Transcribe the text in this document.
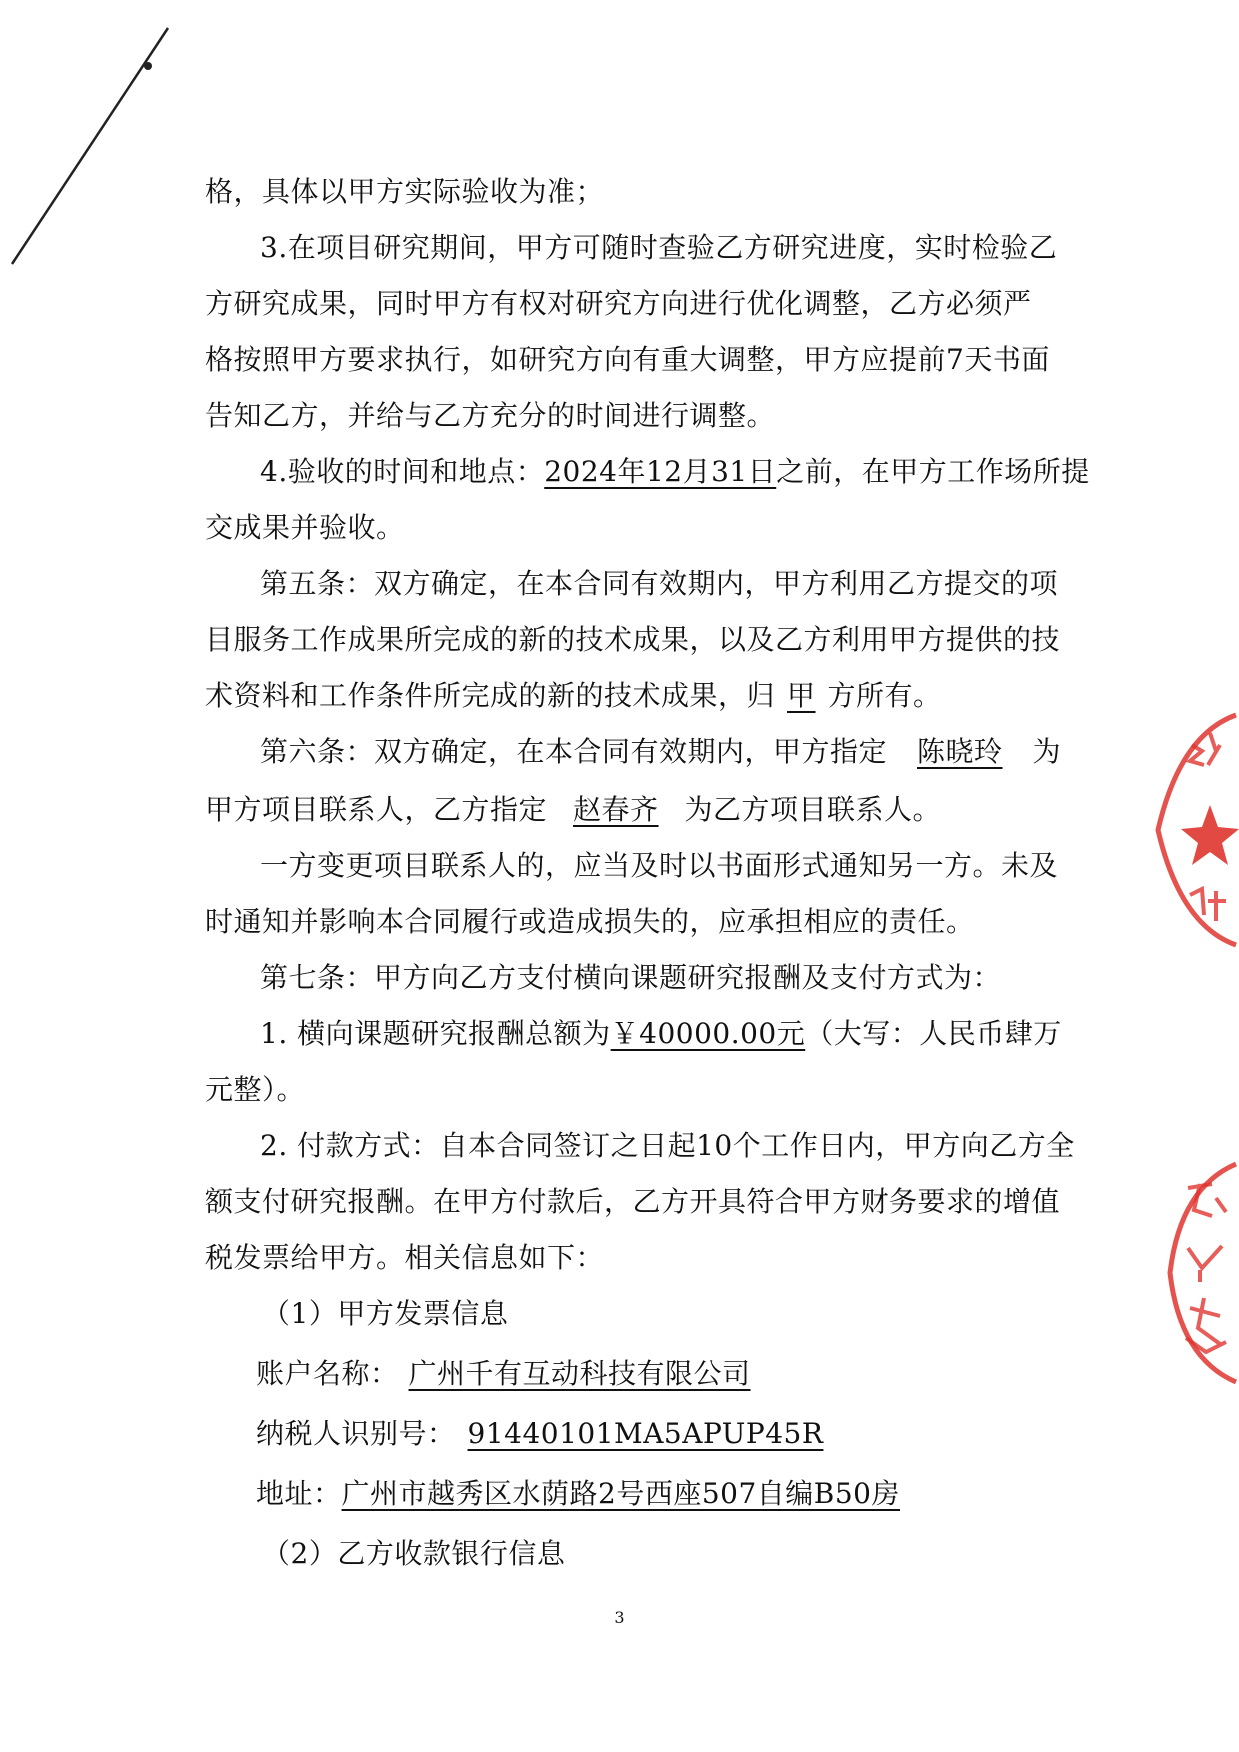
格，具体以甲方实际验收为准；
3.在项目研究期间，甲方可随时查验乙方研究进度，实时检验乙
方研究成果，同时甲方有权对研究方向进行优化调整，乙方必须严
格按照甲方要求执行，如研究方向有重大调整，甲方应提前7天书面
告知乙方，并给与乙方充分的时间进行调整。
4.验收的时间和地点：2024年12月31日之前，在甲方工作场所提
交成果并验收。
第五条：双方确定，在本合同有效期内，甲方利用乙方提交的项
目服务工作成果所完成的新的技术成果，以及乙方利用甲方提供的技
术资料和工作条件所完成的新的技术成果，归 甲 方所有。
第六条：双方确定，在本合同有效期内，甲方指定 陈晓玲 为
甲方项目联系人，乙方指定 赵春齐 为乙方项目联系人。
一方变更项目联系人的，应当及时以书面形式通知另一方。未及
时通知并影响本合同履行或造成损失的，应承担相应的责任。
第七条：甲方向乙方支付横向课题研究报酬及支付方式为：
1. 横向课题研究报酬总额为￥40000.00元（大写：人民币肆万
元整）。
2. 付款方式：自本合同签订之日起10个工作日内，甲方向乙方全
额支付研究报酬。在甲方付款后，乙方开具符合甲方财务要求的增值
税发票给甲方。相关信息如下：
（1）甲方发票信息
账户名称： 广州千有互动科技有限公司
纳税人识别号： 91440101MA5APUP45R
地址：广州市越秀区水荫路2号西座507自编B50房
（2）乙方收款银行信息
3
